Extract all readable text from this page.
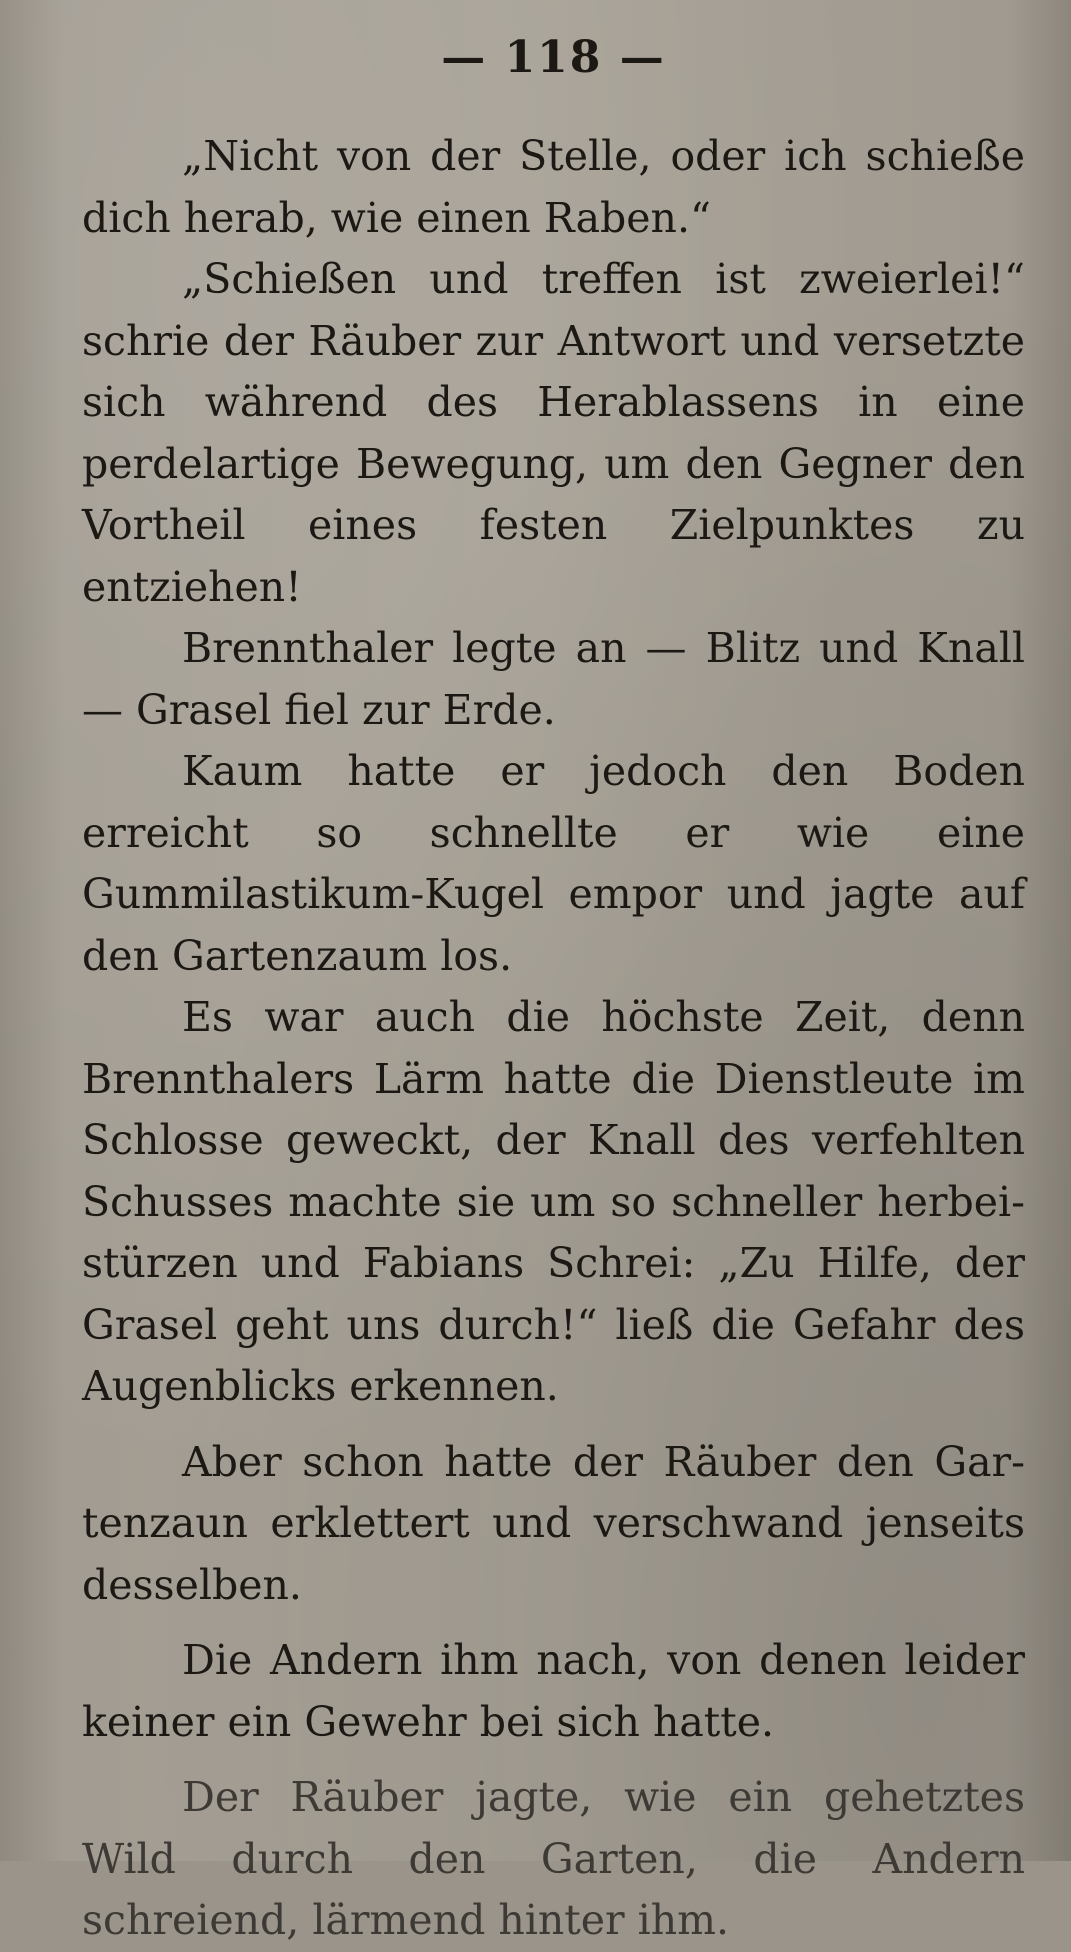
— 118 —

„Nicht von der Stelle, oder ich schieße dich herab, wie einen Raben.“

„Schießen und treffen ist zweierlei!“ schrie der Räuber zur Antwort und versetzte sich während des Herablassens in eine perdelartige Bewegung, um den Gegner den Vortheil eines festen Zielpunktes zu entziehen!

Brennthaler legte an — Blitz und Knall — Grasel fiel zur Erde.

Kaum hatte er jedoch den Boden erreicht so schnellte er wie eine Gummilastikum-Kugel empor und jagte auf den Gartenzaum los.

Es war auch die höchste Zeit, denn Brennthalers Lärm hatte die Dienstleute im Schlosse geweckt, der Knall des verfehlten Schusses machte sie um so schneller herbeistürzen und Fabians Schrei: „Zu Hilfe, der Grasel geht uns durch!“ ließ die Gefahr des Augenblicks erkennen.

Aber schon hatte der Räuber den Gartenzaun erklettert und verschwand jenseits desselben.

Die Andern ihm nach, von denen leider keiner ein Gewehr bei sich hatte.

Der Räuber jagte, wie ein gehetztes Wild durch den Garten, die Andern schreiend, lärmend hinter ihm.
